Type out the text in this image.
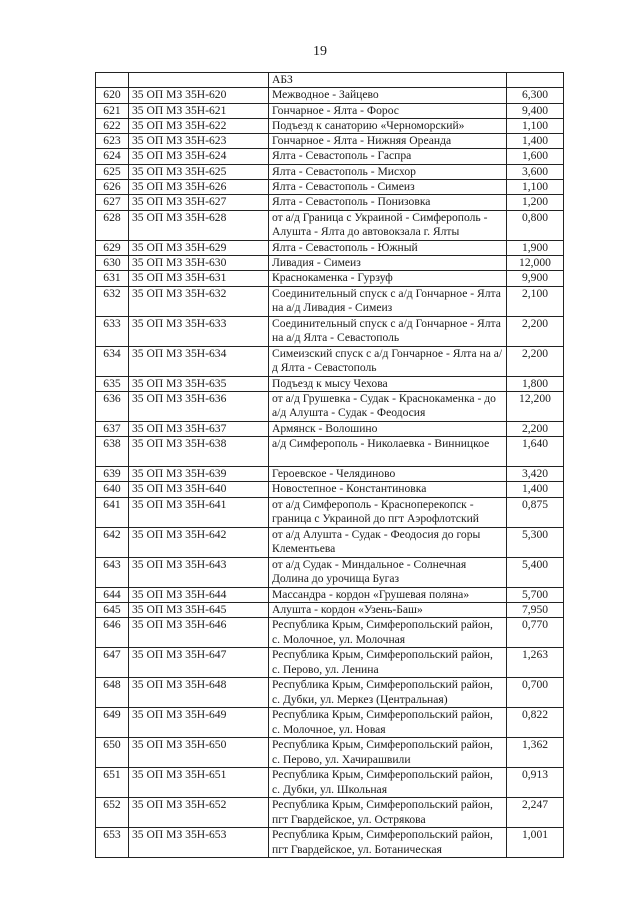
19
		АБЗ	
620	35 ОП МЗ 35Н-620	Межводное - Зайцево	6,300
621	35 ОП МЗ 35Н-621	Гончарное - Ялта - Форос	9,400
622	35 ОП МЗ 35Н-622	Подъезд к санаторию «Черноморский»	1,100
623	35 ОП МЗ 35Н-623	Гончарное - Ялта - Нижняя Ореанда	1,400
624	35 ОП МЗ 35Н-624	Ялта - Севастополь - Гаспра	1,600
625	35 ОП МЗ 35Н-625	Ялта - Севастополь - Мисхор	3,600
626	35 ОП МЗ 35Н-626	Ялта - Севастополь - Симеиз	1,100
627	35 ОП МЗ 35Н-627	Ялта - Севастополь - Понизовка	1,200
628	35 ОП МЗ 35Н-628	от а/д Граница с Украиной - Симферополь - Алушта - Ялта до автовокзала г. Ялты	0,800
629	35 ОП МЗ 35Н-629	Ялта - Севастополь - Южный	1,900
630	35 ОП МЗ 35Н-630	Ливадия - Симеиз	12,000
631	35 ОП МЗ 35Н-631	Краснокаменка - Гурзуф	9,900
632	35 ОП МЗ 35Н-632	Соединительный спуск с а/д Гончарное - Ялта на а/д Ливадия - Симеиз	2,100
633	35 ОП МЗ 35Н-633	Соединительный спуск с а/д Гончарное - Ялта на а/д Ялта - Севастополь	2,200
634	35 ОП МЗ 35Н-634	Симеизский спуск с а/д Гончарное - Ялта на а/д Ялта - Севастополь	2,200
635	35 ОП МЗ 35Н-635	Подъезд к мысу Чехова	1,800
636	35 ОП МЗ 35Н-636	от а/д Грушевка - Судак - Краснокаменка - до а/д Алушта - Судак - Феодосия	12,200
637	35 ОП МЗ 35Н-637	Армянск - Волошино	2,200
638	35 ОП МЗ 35Н-638	а/д Симферополь - Николаевка - Винницкое	1,640
639	35 ОП МЗ 35Н-639	Героевское - Челядиново	3,420
640	35 ОП МЗ 35Н-640	Новостепное - Константиновка	1,400
641	35 ОП МЗ 35Н-641	от а/д Симферополь - Красноперекопск - граница с Украиной до пгт Аэрофлотский	0,875
642	35 ОП МЗ 35Н-642	от а/д Алушта - Судак - Феодосия до горы Клементьева	5,300
643	35 ОП МЗ 35Н-643	от а/д Судак - Миндальное - Солнечная Долина до урочища Бугаз	5,400
644	35 ОП МЗ 35Н-644	Массандра - кордон «Грушевая поляна»	5,700
645	35 ОП МЗ 35Н-645	Алушта - кордон «Узень-Баш»	7,950
646	35 ОП МЗ 35Н-646	Республика Крым, Симферопольский район, с. Молочное, ул. Молочная	0,770
647	35 ОП МЗ 35Н-647	Республика Крым, Симферопольский район, с. Перово, ул. Ленина	1,263
648	35 ОП МЗ 35Н-648	Республика Крым, Симферопольский район, с. Дубки, ул. Меркез (Центральная)	0,700
649	35 ОП МЗ 35Н-649	Республика Крым, Симферопольский район, с. Молочное, ул. Новая	0,822
650	35 ОП МЗ 35Н-650	Республика Крым, Симферопольский район, с. Перово, ул. Хачирашвили	1,362
651	35 ОП МЗ 35Н-651	Республика Крым, Симферопольский район, с. Дубки, ул. Школьная	0,913
652	35 ОП МЗ 35Н-652	Республика Крым, Симферопольский район, пгт Гвардейское, ул. Острякова	2,247
653	35 ОП МЗ 35Н-653	Республика Крым, Симферопольский район, пгт Гвардейское, ул. Ботаническая	1,001
